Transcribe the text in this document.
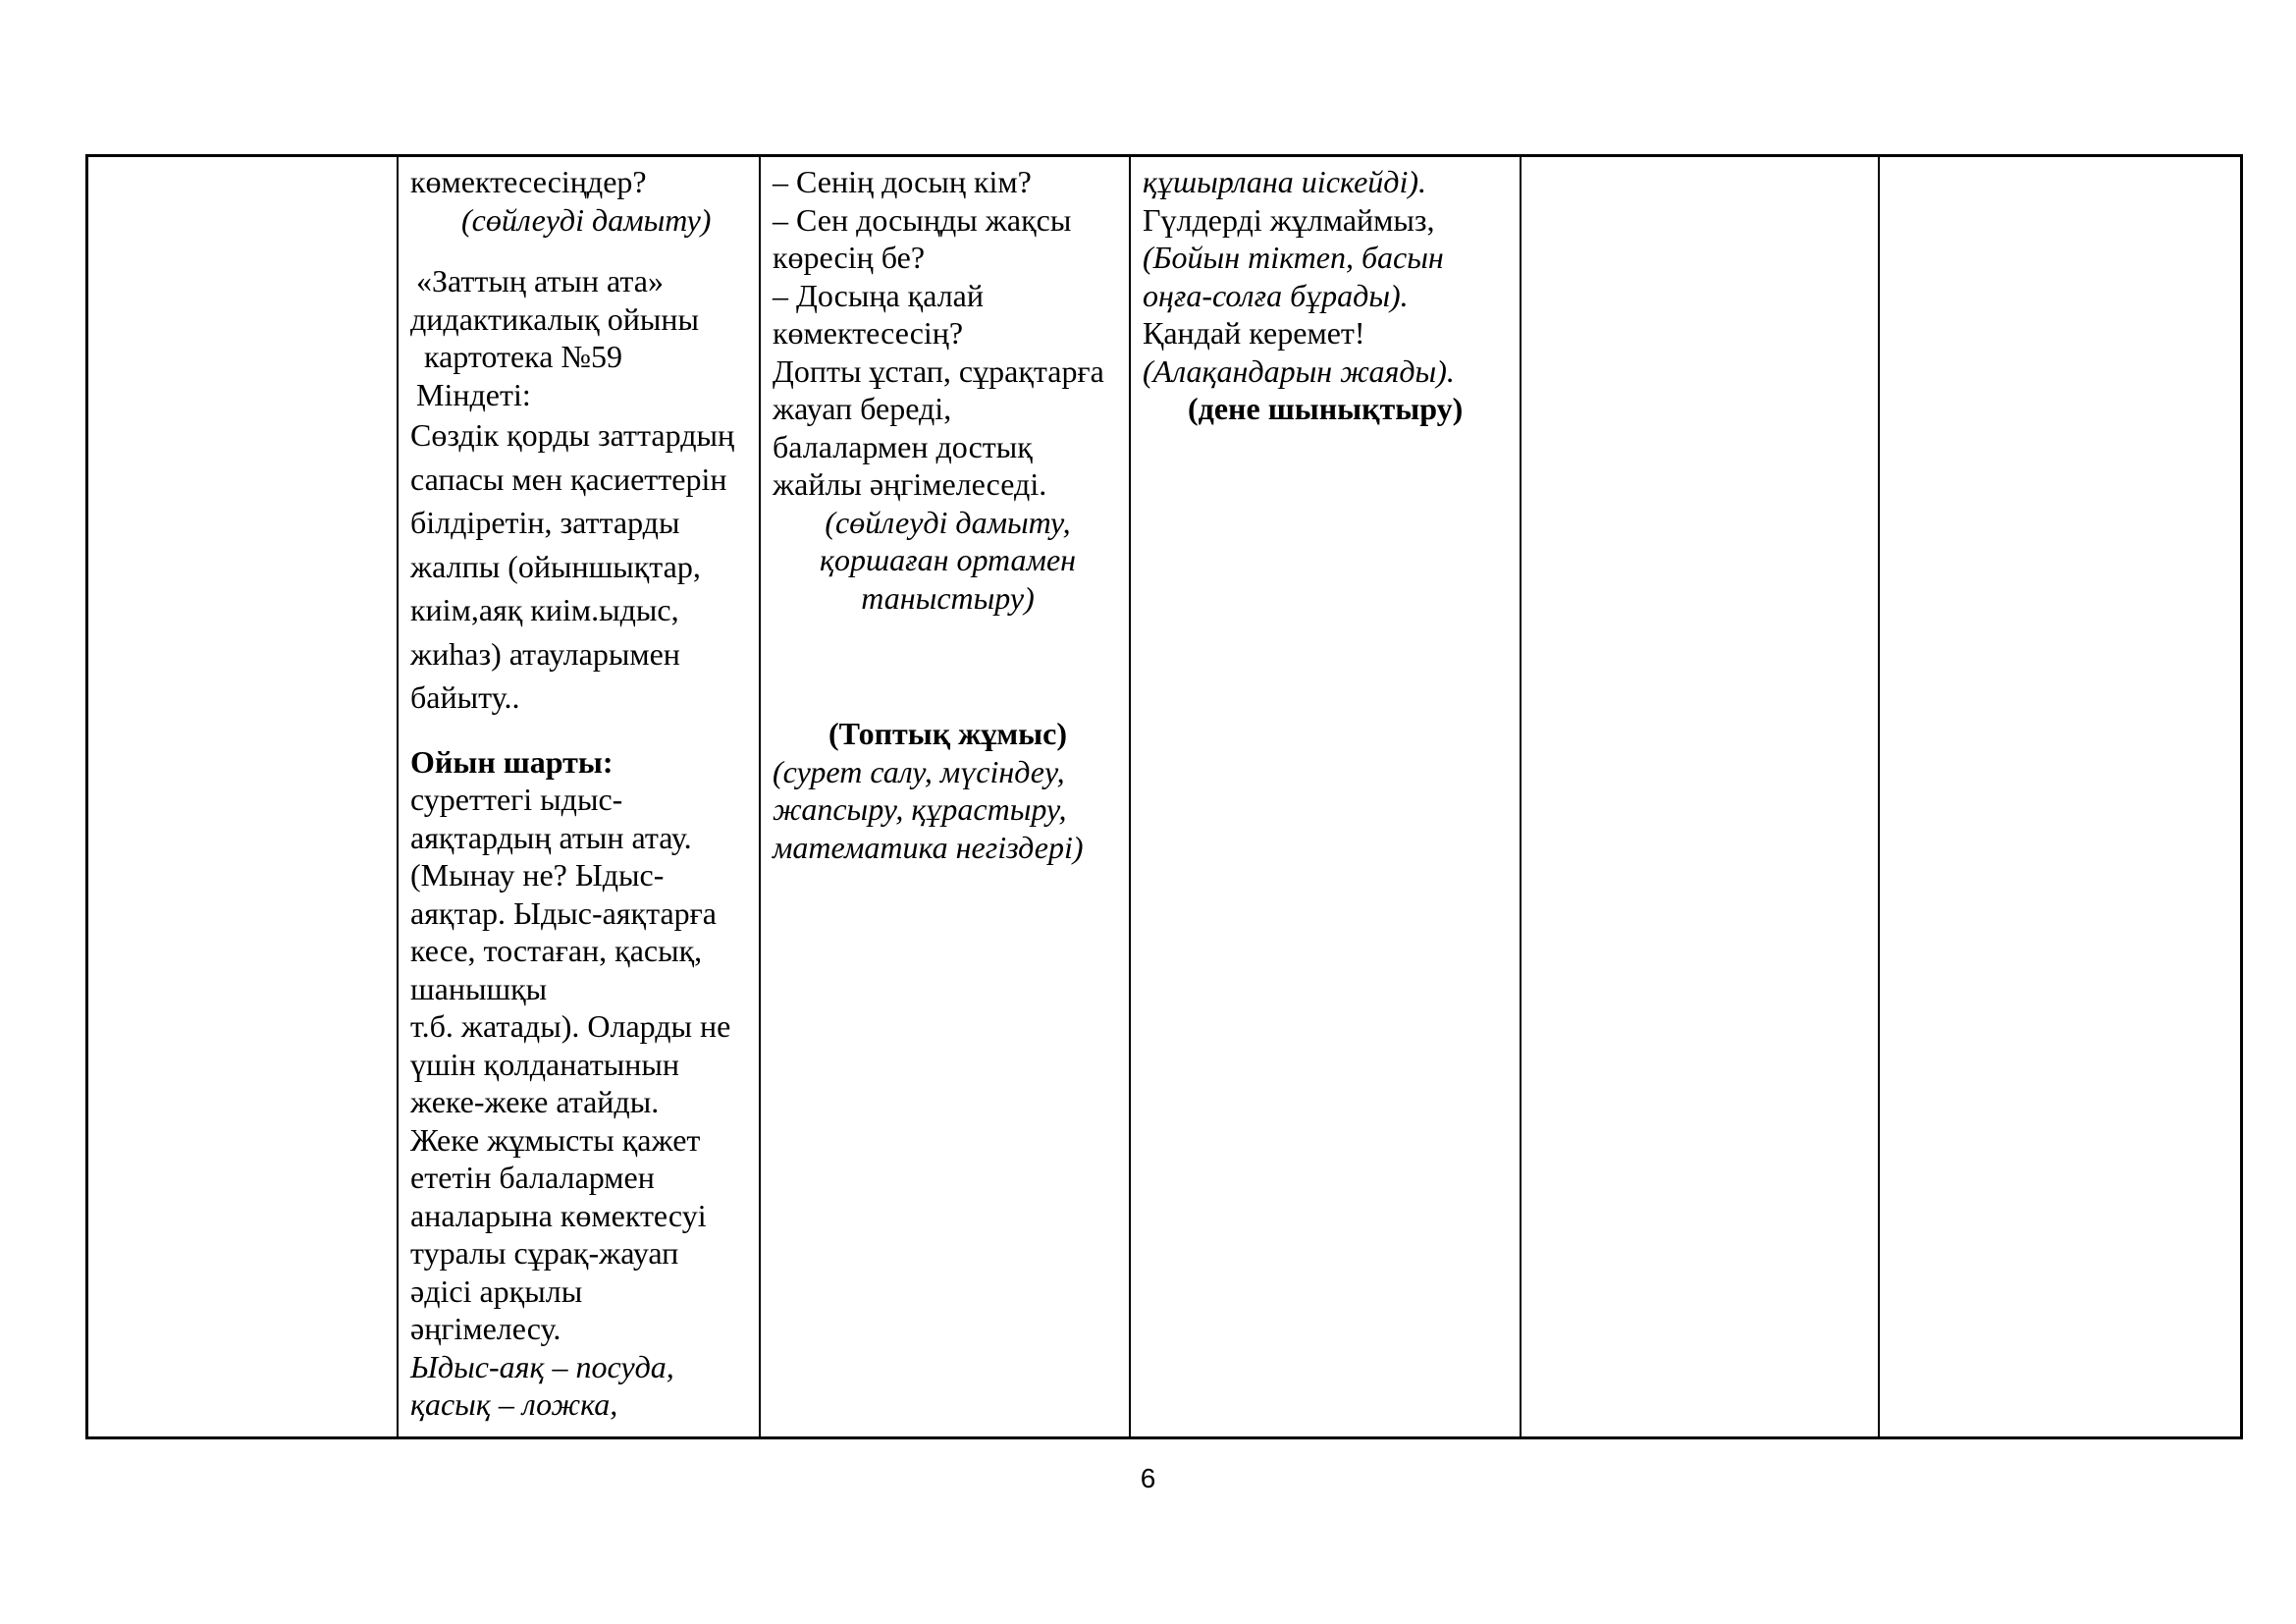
көмектесесіңдер?
(сөйлеуді дамыту)
«Заттың атын ата»
дидактикалық ойыны
картотека №59
Міндеті:
Сөздік қорды заттардың
сапасы мен қасиеттерін
білдіретін, заттарды
жалпы (ойыншықтар,
киім,аяқ киім.ыдыс,
жиһаз) атауларымен
байыту..
Ойын шарты:
суреттегі ыдыс-
аяқтардың атын атау.
(Мынау не? Ыдыс-
аяқтар. Ыдыс-аяқтарға
кесе, тостаған, қасық,
шанышқы
т.б. жатады). Оларды не
үшін қолданатынын
жеке-жеке атайды.
Жеке жұмысты қажет
ететін балалармен
аналарына көмектесуі
туралы сұрақ-жауап
әдісі арқылы
әңгімелесу.
Ыдыс-аяқ – посуда,
қасық – ложка,
– Сенің досың кім?
– Сен досыңды жақсы
көресің бе?
– Досыңа қалай
көмектесесің?
Допты ұстап, сұрақтарға
жауап береді,
балалармен достық
жайлы әңгімелеседі.
(сөйлеуді дамыту,
қоршаған ортамен
таныстыру)
(Топтық жұмыс)
(сурет салу, мүсіндеу,
жапсыру, құрастыру,
математика негіздері)
құшырлана иіскейді).
Гүлдерді жұлмаймыз,
(Бойын тіктеп, басын
оңға-солға бұрады).
Қандай керемет!
(Алақандарын жаяды).
(дене шынықтыру)
6
